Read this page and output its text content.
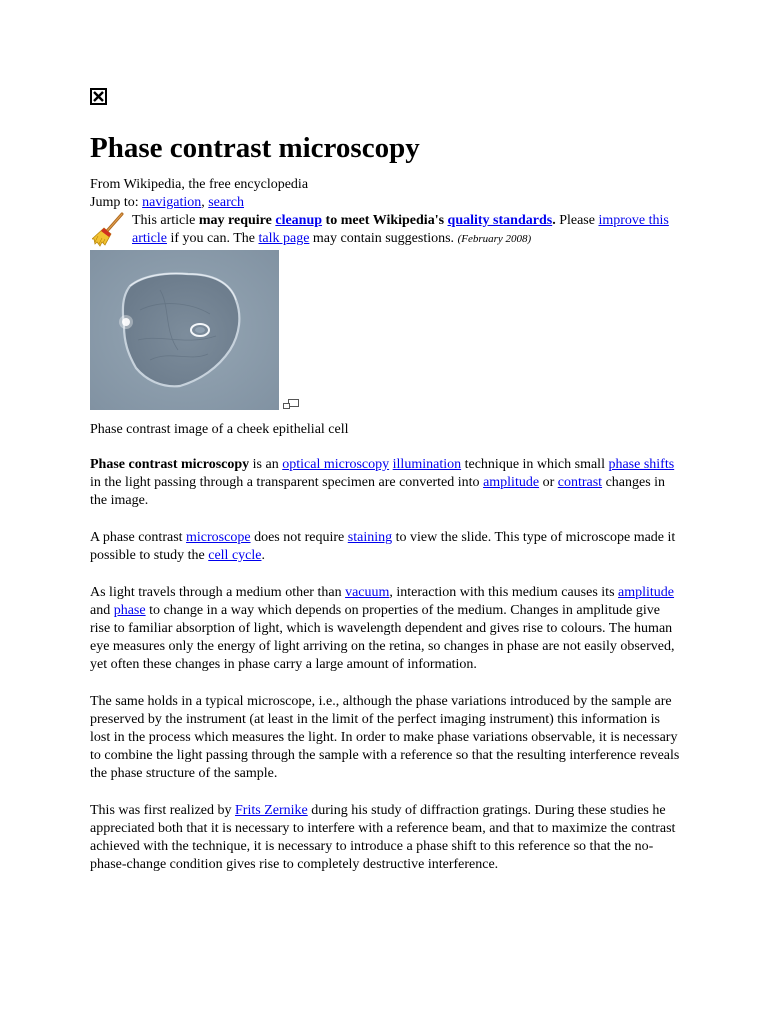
Phase contrast microscopy
From Wikipedia, the free encyclopedia
Jump to: navigation, search
This article may require cleanup to meet Wikipedia's quality standards. Please improve this article if you can. The talk page may contain suggestions. (February 2008)

Phase contrast image of a cheek epithelial cell

Phase contrast microscopy is an optical microscopy illumination technique in which small phase shifts in the light passing through a transparent specimen are converted into amplitude or contrast changes in the image.

A phase contrast microscope does not require staining to view the slide. This type of microscope made it possible to study the cell cycle.

As light travels through a medium other than vacuum, interaction with this medium causes its amplitude and phase to change in a way which depends on properties of the medium. Changes in amplitude give rise to familiar absorption of light, which is wavelength dependent and gives rise to colours. The human eye measures only the energy of light arriving on the retina, so changes in phase are not easily observed, yet often these changes in phase carry a large amount of information.

The same holds in a typical microscope, i.e., although the phase variations introduced by the sample are preserved by the instrument (at least in the limit of the perfect imaging instrument) this information is lost in the process which measures the light. In order to make phase variations observable, it is necessary to combine the light passing through the sample with a reference so that the resulting interference reveals the phase structure of the sample.

This was first realized by Frits Zernike during his study of diffraction gratings. During these studies he appreciated both that it is necessary to interfere with a reference beam, and that to maximize the contrast achieved with the technique, it is necessary to introduce a phase shift to this reference so that the no-phase-change condition gives rise to completely destructive interference.
